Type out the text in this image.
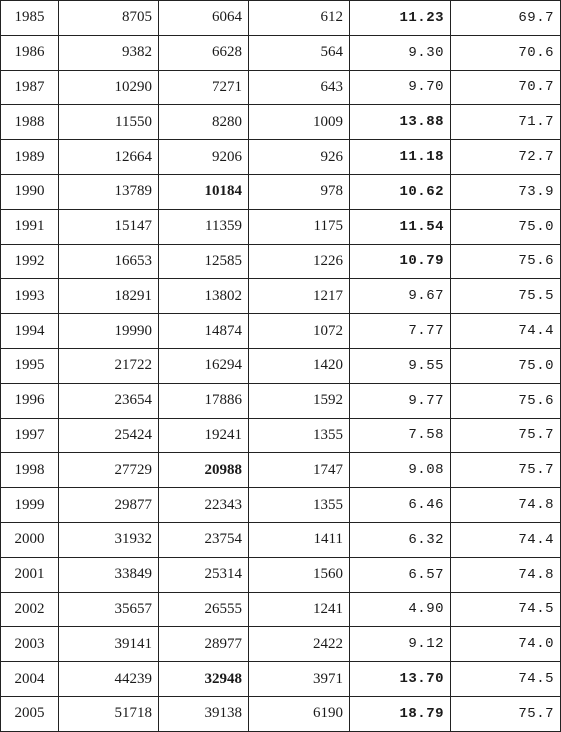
1985	8705	6064	612	11.23	69.7
1986	9382	6628	564	9.30	70.6
1987	10290	7271	643	9.70	70.7
1988	11550	8280	1009	13.88	71.7
1989	12664	9206	926	11.18	72.7
1990	13789	10184	978	10.62	73.9
1991	15147	11359	1175	11.54	75.0
1992	16653	12585	1226	10.79	75.6
1993	18291	13802	1217	9.67	75.5
1994	19990	14874	1072	7.77	74.4
1995	21722	16294	1420	9.55	75.0
1996	23654	17886	1592	9.77	75.6
1997	25424	19241	1355	7.58	75.7
1998	27729	20988	1747	9.08	75.7
1999	29877	22343	1355	6.46	74.8
2000	31932	23754	1411	6.32	74.4
2001	33849	25314	1560	6.57	74.8
2002	35657	26555	1241	4.90	74.5
2003	39141	28977	2422	9.12	74.0
2004	44239	32948	3971	13.70	74.5
2005	51718	39138	6190	18.79	75.7
